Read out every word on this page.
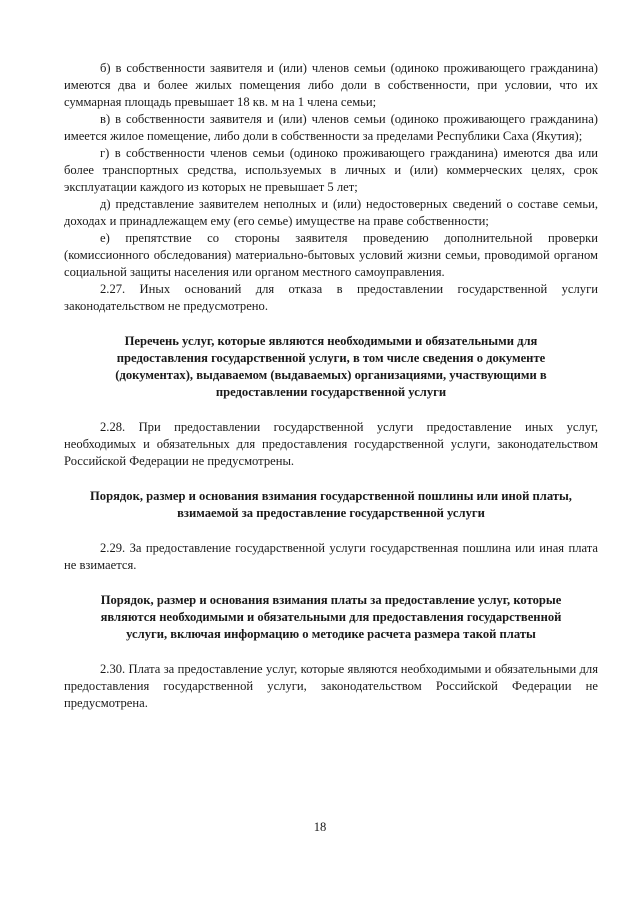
б) в собственности заявителя и (или) членов семьи (одиноко проживающего гражданина) имеются два и более жилых помещения либо доли в собственности, при условии, что их суммарная площадь превышает 18 кв. м на 1 члена семьи;

в) в собственности заявителя и (или) членов семьи (одиноко проживающего гражданина) имеется жилое помещение, либо доли в собственности за пределами Республики Саха (Якутия);

г) в собственности членов семьи (одиноко проживающего гражданина) имеются два или более транспортных средства, используемых в личных и (или) коммерческих целях, срок эксплуатации каждого из которых не превышает 5 лет;

д) представление заявителем неполных и (или) недостоверных сведений о составе семьи, доходах и принадлежащем ему (его семье) имуществе на праве собственности;

е) препятствие со стороны заявителя проведению дополнительной проверки (комиссионного обследования) материально-бытовых условий жизни семьи, проводимой органом социальной защиты населения или органом местного самоуправления.

2.27. Иных оснований для отказа в предоставлении государственной услуги законодательством не предусмотрено.

Перечень услуг, которые являются необходимыми и обязательными для предоставления государственной услуги, в том числе сведения о документе (документах), выдаваемом (выдаваемых) организациями, участвующими в предоставлении государственной услуги

2.28. При предоставлении государственной услуги предоставление иных услуг, необходимых и обязательных для предоставления государственной услуги, законодательством Российской Федерации не предусмотрены.

Порядок, размер и основания взимания государственной пошлины или иной платы, взимаемой за предоставление государственной услуги

2.29. За предоставление государственной услуги государственная пошлина или иная плата не взимается.

Порядок, размер и основания взимания платы за предоставление услуг, которые являются необходимыми и обязательными для предоставления государственной услуги, включая информацию о методике расчета размера такой платы

2.30. Плата за предоставление услуг, которые являются необходимыми и обязательными для предоставления государственной услуги, законодательством Российской Федерации не предусмотрена.

18
